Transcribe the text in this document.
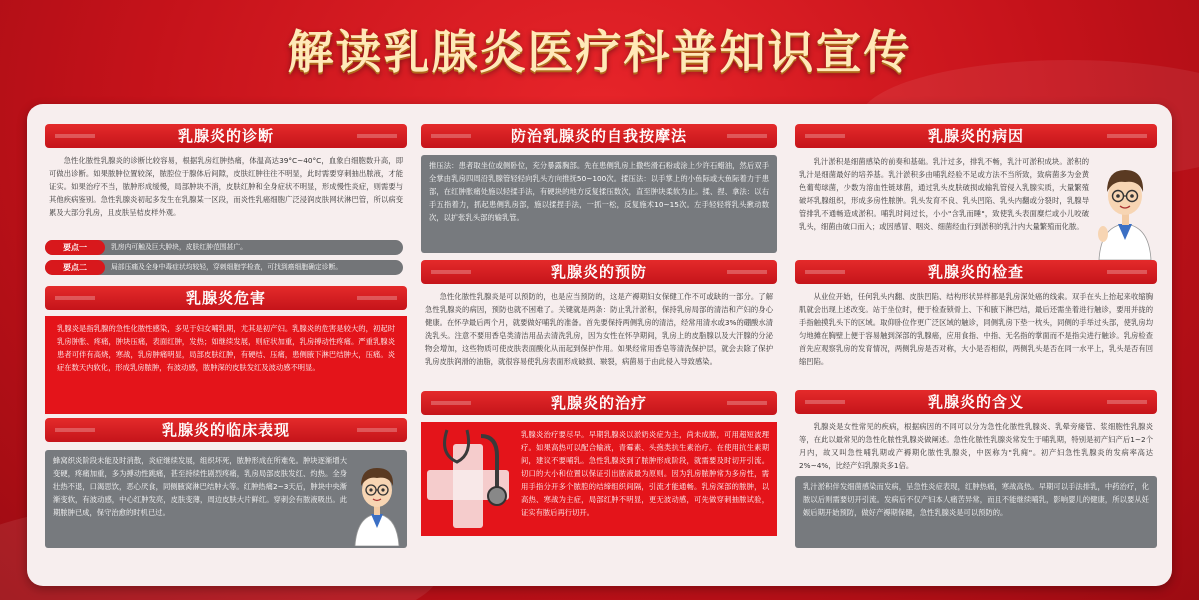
解读乳腺炎医疗科普知识宣传
乳腺炎的诊断
急性化脓性乳腺炎的诊断比较容易，根据乳房红肿热痛，体温高达39°C~40°C，血象白细胞数升高，即可做出诊断。如果脓肿位置较深，脓腔位于腺体后间隙，皮肤红肿往往不明显，此时需要穿刺抽出脓液，才能证实。如果治疗不当，脓肿形成缓慢，局部肿块不消，皮肤红肿和全身症状不明显，形成慢性炎症，则需要与其他疾病鉴别。急性乳腺炎初起多发生在乳腺某一区段，而炎性乳癌细胞广泛浸润皮肤网状淋巴管，所以病变累及大部分乳房，且皮肤呈桔皮样外观。
要点一	乳房内可触及巨大肿块，皮肤红肿范围甚广。
要点二	局部压痛及全身中毒症状均较轻，穿刺细胞学检查，可找到癌细胞确定诊断。
乳腺炎危害
乳腺炎是指乳腺的急性化脓性感染，多见于妇女哺乳期，尤其是初产妇。乳腺炎的危害是较大的，初起时乳房肿胀、疼痛，肿块压痛，表面红肿，发热；如继续发展，则症状加重，乳房搏动性疼痛。严重乳腺炎患者可伴有高烧，寒战，乳房肿痛明显，局部皮肤红肿，有硬结、压痛，患侧腋下淋巴结肿大，压痛。炎症在数天内软化，形成乳房脓肿，有波动感，脓肿深的皮肤发红及波动感不明显。
乳腺炎的临床表现
蜂窝织炎阶段未能及时消散，炎症继续发展，组织坏死，脓肿形成在所难免。肿块逐渐增大变硬，疼痛加重，多为搏动性跳痛，甚至持续性剧烈疼痛，乳房局部皮肤发红、灼热。全身壮热不退，口渴思饮，恶心厌食，同侧腋窝淋巴结肿大等。红肿热痛2~3天后，肿块中央渐渐变软，有波动感，中心红肿发亮，皮肤变薄，周边皮肤大片鲜红。穿刺会有脓液吸出。此期脓肿已成，保守治愈的时机已过。
防治乳腺炎的自我按摩法
推压法：患者取坐位或侧卧位，充分暴露胸部。先在患侧乳房上撒些滑石粉或涂上少许石蜡油，然后双手全掌由乳房四周沿乳腺管轻轻向乳头方向推抚50~100次。揉压法：以手掌上的小鱼际或大鱼际着力于患部，在红肿胀痛处施以轻揉手法，有硬块的地方反复揉压数次，直至肿块柔软为止。揉、捏、拿法：以右手五指着力，抓起患侧乳房部，施以揉捏手法，一抓一松，反复施术10~15次。左手轻轻将乳头揪动数次，以扩张乳头部的输乳管。
乳腺炎的预防
急性化脓性乳腺炎是可以预防的，也是应当预防的，这是产褥期妇女保健工作不可或缺的一部分。了解急性乳腺炎的病因，预防也就不困难了。关键就是两条：防止乳汁淤积，保持乳房局部的清洁和产妇的身心健康。在怀孕最后两个月，就要做好哺乳的准备。首先要保持两侧乳房的清洁，经常用清水或3%的硼酸水清洗乳头。注意不要用香皂类清洁用品去清洗乳房，因为女性在怀孕期间，乳房上的皮脂腺以及大汗腺的分泌物会增加，这些物质可使皮肤表面酸化从而起到保护作用。如果经常用香皂等清洗保护层，就会去除了保护乳房皮肤润滑的油脂，就很容易使乳房表面形成破损、皲裂，病菌易于由此侵入导致感染。
乳腺炎的治疗
乳腺炎治疗要尽早。早期乳腺炎以淤奶炎症为主，尚未成脓，可用超短波理疗。如果高热可以配合输液，青霉素、头孢类抗生素治疗。在使用抗生素期间，建议不要哺乳。急性乳腺炎到了脓肿形成阶段，就需要及时切开引流。切口的大小和位置以保证引出脓液最为原则。因为乳房脓肿常为多房性，需用手指分开多个脓腔的结缔组织间隔，引流才能通畅。乳房深部的脓肿，以高热、寒战为主症，局部红肿不明显，更无波动感，可先做穿刺抽脓试验，证实有脓后再行切开。
乳腺炎的病因
乳汁淤积是细菌感染的前奏和基础。乳汁过多，排乳不畅，乳汁可淤积成块。淤积的乳汁是细菌最好的培养基。乳汁淤积多由哺乳经验不足或方法不当所致，致病菌多为金黄色葡萄球菌，少数为溶血性链球菌，通过乳头皮肤破损或输乳管侵入乳腺实质，大量繁殖破坏乳腺组织，形成多房性脓肿。乳头发育不良、乳头凹陷、乳头内翻或分裂时，乳腺导管排乳不通畅造成淤积。哺乳时间过长，小小"含乳而睡"，致使乳头表面糜烂或小儿咬破乳头，细菌由破口而入；或因感冒、咽炎、细菌经血行到淤积的乳汁内大量繁殖而化脓。
乳腺炎的检查
从业位开始，任何乳头内翻、皮肤凹陷、结构形状异样都是乳房深处癌的线索。双手在头上抬起来收缩胸肌就会出现上述改变。站于坐位时，便于检查锁骨上、下和腋下淋巴结，最后还需坐着进行触诊，要用并拢的手指触摸乳头下的区域。取仰卧位作更广泛区域的触诊，同侧乳房下垫一枕头，同侧的手举过头部，使乳房均匀地摊在胸壁上便于容易触到深部的乳腺癌，应用食指、中指、无名指的掌面而不是指尖进行触诊。乳房检查首先应观察乳房的发育情况，两侧乳房是否对称，大小是否相似，两侧乳头是否在同一水平上，乳头是否有回缩凹陷。
乳腺炎的含义
乳腺炎是女性常见的疾病，根据病因的不同可以分为急性化脓性乳腺炎、乳晕旁瘘管、浆细胞性乳腺炎等，在此以最常见的急性化脓性乳腺炎做阐述。急性化脓性乳腺炎常发生于哺乳期，特别是初产妇产后1~2个月内，故又叫急性哺乳期或产褥期化脓性乳腺炎，中医称为"乳痈"。初产妇急性乳腺炎的发病率高达2%~4%，比经产妇乳腺炎多1倍。
乳汁淤积伴发细菌感染而发病，呈急性炎症表现，红肿热痛，寒战高热。早期可以手法排乳，中药治疗，化脓以后则需要切开引流。发病后不仅产妇本人痛苦异常，而且不能继续哺乳，影响婴儿的健康，所以要从妊娠后期开始预防，做好产褥期保健，急性乳腺炎是可以预防的。
